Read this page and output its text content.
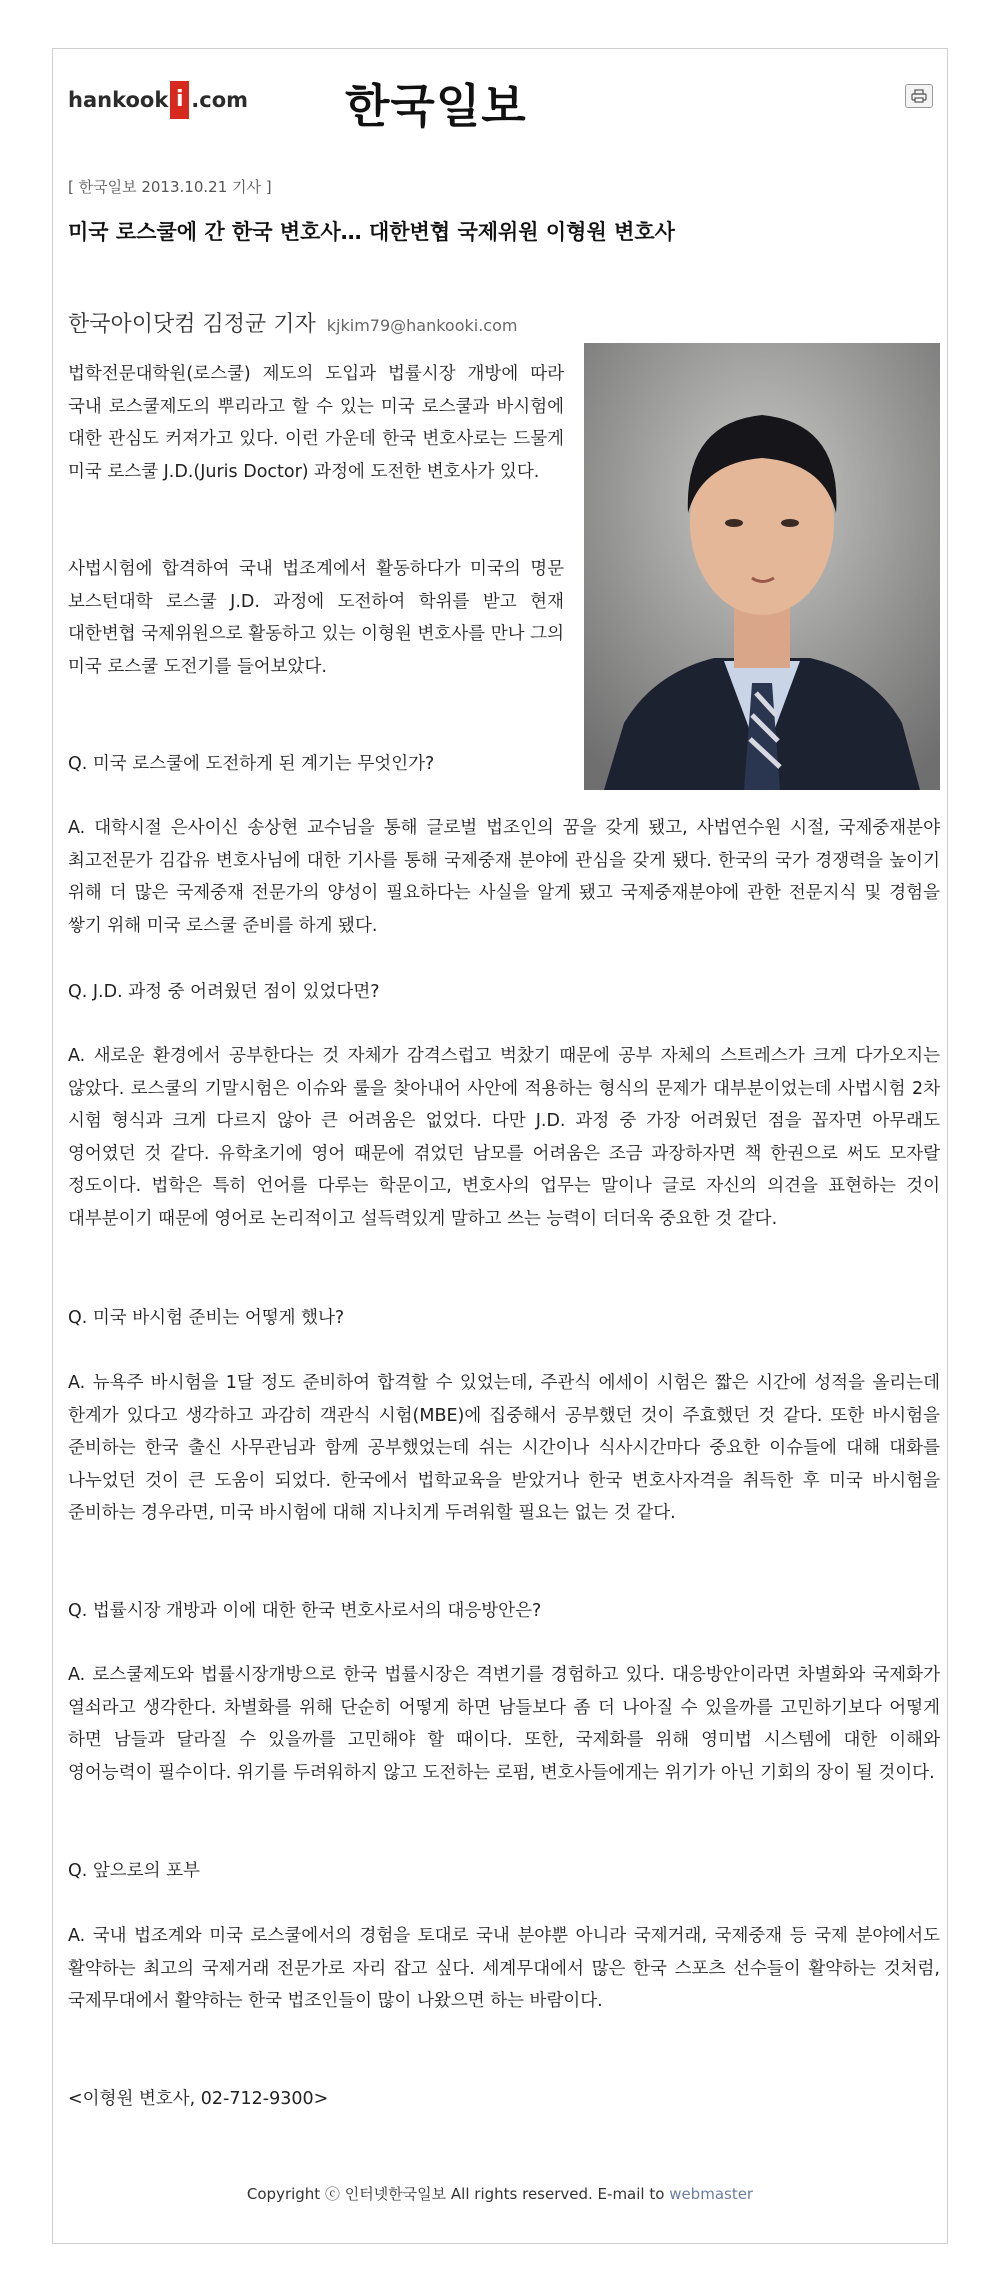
hankook i .com 한국일보
[ 한국일보 2013.10.21 기사 ]
미국 로스쿨에 간 한국 변호사… 대한변협 국제위원 이형원 변호사
한국아이닷컴 김정균 기자 kjkim79@hankooki.com
법학전문대학원(로스쿨) 제도의 도입과 법률시장 개방에 따라 국내 로스쿨제도의 뿌리라고 할 수 있는 미국 로스쿨과 바시험에 대한 관심도 커져가고 있다. 이런 가운데 한국 변호사로는 드물게 미국 로스쿨 J.D.(Juris Doctor) 과정에 도전한 변호사가 있다.
사법시험에 합격하여 국내 법조계에서 활동하다가 미국의 명문 보스턴대학 로스쿨 J.D. 과정에 도전하여 학위를 받고 현재 대한변협 국제위원으로 활동하고 있는 이형원 변호사를 만나 그의 미국 로스쿨 도전기를 들어보았다.
Q. 미국 로스쿨에 도전하게 된 계기는 무엇인가?
A. 대학시절 은사이신 송상현 교수님을 통해 글로벌 법조인의 꿈을 갖게 됐고, 사법연수원 시절, 국제중재분야 최고전문가 김갑유 변호사님에 대한 기사를 통해 국제중재 분야에 관심을 갖게 됐다. 한국의 국가 경쟁력을 높이기 위해 더 많은 국제중재 전문가의 양성이 필요하다는 사실을 알게 됐고 국제중재분야에 관한 전문지식 및 경험을 쌓기 위해 미국 로스쿨 준비를 하게 됐다.
Q. J.D. 과정 중 어려웠던 점이 있었다면?
A. 새로운 환경에서 공부한다는 것 자체가 감격스럽고 벅찼기 때문에 공부 자체의 스트레스가 크게 다가오지는 않았다. 로스쿨의 기말시험은 이슈와 룰을 찾아내어 사안에 적용하는 형식의 문제가 대부분이었는데 사법시험 2차 시험 형식과 크게 다르지 않아 큰 어려움은 없었다. 다만 J.D. 과정 중 가장 어려웠던 점을 꼽자면 아무래도 영어였던 것 같다. 유학초기에 영어 때문에 겪었던 남모를 어려움은 조금 과장하자면 책 한권으로 써도 모자랄 정도이다. 법학은 특히 언어를 다루는 학문이고, 변호사의 업무는 말이나 글로 자신의 의견을 표현하는 것이 대부분이기 때문에 영어로 논리적이고 설득력있게 말하고 쓰는 능력이 더더욱 중요한 것 같다.
Q. 미국 바시험 준비는 어떻게 했나?
A. 뉴욕주 바시험을 1달 정도 준비하여 합격할 수 있었는데, 주관식 에세이 시험은 짧은 시간에 성적을 올리는데 한계가 있다고 생각하고 과감히 객관식 시험(MBE)에 집중해서 공부했던 것이 주효했던 것 같다. 또한 바시험을 준비하는 한국 출신 사무관님과 함께 공부했었는데 쉬는 시간이나 식사시간마다 중요한 이슈들에 대해 대화를 나누었던 것이 큰 도움이 되었다. 한국에서 법학교육을 받았거나 한국 변호사자격을 취득한 후 미국 바시험을 준비하는 경우라면, 미국 바시험에 대해 지나치게 두려워할 필요는 없는 것 같다.
Q. 법률시장 개방과 이에 대한 한국 변호사로서의 대응방안은?
A. 로스쿨제도와 법률시장개방으로 한국 법률시장은 격변기를 경험하고 있다. 대응방안이라면 차별화와 국제화가 열쇠라고 생각한다. 차별화를 위해 단순히 어떻게 하면 남들보다 좀 더 나아질 수 있을까를 고민하기보다 어떻게 하면 남들과 달라질 수 있을까를 고민해야 할 때이다. 또한, 국제화를 위해 영미법 시스템에 대한 이해와 영어능력이 필수이다. 위기를 두려워하지 않고 도전하는 로펌, 변호사들에게는 위기가 아닌 기회의 장이 될 것이다.
Q. 앞으로의 포부
A. 국내 법조계와 미국 로스쿨에서의 경험을 토대로 국내 분야뿐 아니라 국제거래, 국제중재 등 국제 분야에서도 활약하는 최고의 국제거래 전문가로 자리 잡고 싶다. 세계무대에서 많은 한국 스포츠 선수들이 활약하는 것처럼, 국제무대에서 활약하는 한국 법조인들이 많이 나왔으면 하는 바람이다.
<이형원 변호사, 02-712-9300>
Copyright ⓒ 인터넷한국일보 All rights reserved. E-mail to webmaster
